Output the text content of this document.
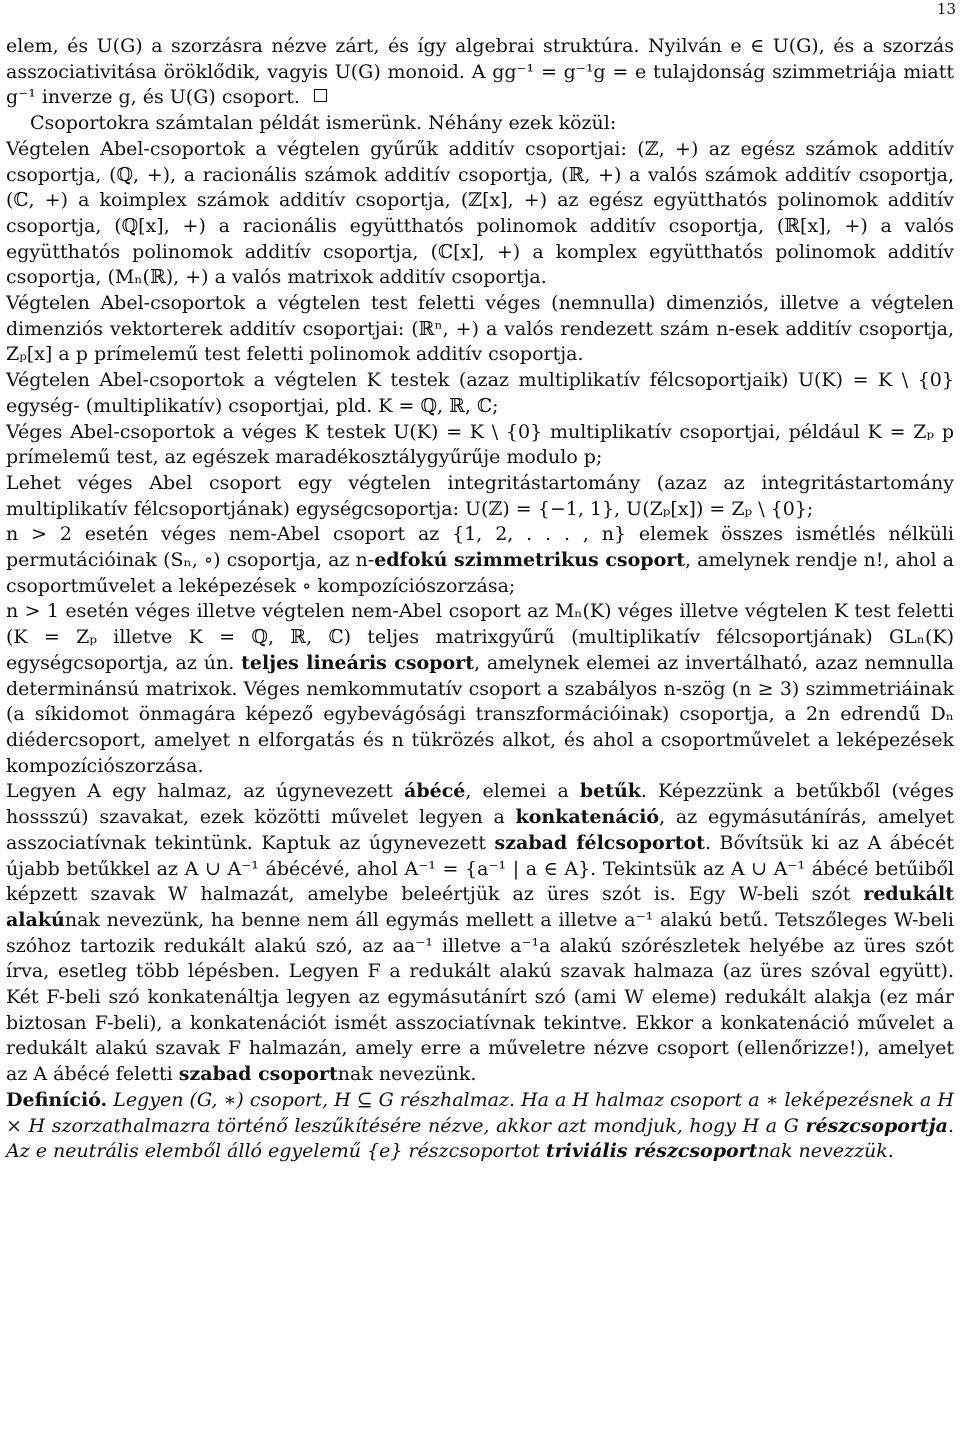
13

elem, és U(G) a szorzásra nézve zárt, és így algebrai struktúra. Nyilván e ∈ U(G), és a szorzás asszociativitása öröklődik, vagyis U(G) monoid. A gg⁻¹ = g⁻¹g = e tulajdonság szimmetriája miatt g⁻¹ inverze g, és U(G) csoport.

Csoportokra számtalan példát ismerünk. Néhány ezek közül:

Végtelen Abel-csoportok a végtelen gyűrűk additív csoportjai: (ℤ, +) az egész számok additív csoportja, (ℚ, +), a racionális számok additív csoportja, (ℝ, +) a valós számok additív csoportja, (ℂ, +) a koimplex számok additív csoportja, (ℤ[x], +) az egész együtthatós polinomok additív csoportja, (ℚ[x], +) a racionális együtthatós polinomok additív csoportja, (ℝ[x], +) a valós együtthatós polinomok additív csoportja, (ℂ[x], +) a komplex együtthatós polinomok additív csoportja, (Mₙ(ℝ), +) a valós matrixok additív csoportja.

Végtelen Abel-csoportok a végtelen test feletti véges (nemnulla) dimenziós, illetve a végtelen dimenziós vektorterek additív csoportjai: (ℝⁿ, +) a valós rendezett szám n-esek additív csoportja, Zₚ[x] a p prímelemű test feletti polinomok additív csoportja.

Végtelen Abel-csoportok a végtelen K testek (azaz multiplikatív félcsoportjaik) U(K) = K \ {0} egység- (multiplikatív) csoportjai, pld. K = ℚ, ℝ, ℂ;

Véges Abel-csoportok a véges K testek U(K) = K \ {0} multiplikatív csoportjai, például K = Zₚ p prímelemű test, az egészek maradékosztálygyűrűje modulo p;

Lehet véges Abel csoport egy végtelen integritástartomány (azaz az integritástartomány multiplikatív félcsoportjának) egységcsoportja: U(ℤ) = {−1, 1}, U(Zₚ[x]) = Zₚ \ {0};

n > 2 esetén véges nem-Abel csoport az {1, 2, . . . , n} elemek összes ismétlés nélküli permutációinak (Sₙ, ∘) csoportja, az n-edfokú szimmetrikus csoport, amelynek rendje n!, ahol a csoportművelet a leképezések ∘ kompozíciószorzása;

n > 1 esetén véges illetve végtelen nem-Abel csoport az Mₙ(K) véges illetve végtelen K test feletti (K = Zₚ illetve K = ℚ, ℝ, ℂ) teljes matrixgyűrű (multiplikatív félcsoportjának) GLₙ(K) egységcsoportja, az ún. teljes lineáris csoport, amelynek elemei az invertálható, azaz nemnulla determinánsú matrixok. Véges nemkommutatív csoport a szabályos n-szög (n ≥ 3) szimmetriáinak (a síkidomot önmagára képező egybevágósági transzformációinak) csoportja, a 2n edrendű Dₙ diédercsoport, amelyet n elforgatás és n tükrözés alkot, és ahol a csoportművelet a leképezések kompozíciószorzása.

Legyen A egy halmaz, az úgynevezett ábécé, elemei a betűk. Képezzünk a betűkből (véges hossszú) szavakat, ezek közötti művelet legyen a konkatenáció, az egymásutánírás, amelyet asszociatívnak tekintünk. Kaptuk az úgynevezett szabad félcsoportot. Bővítsük ki az A ábécét újabb betűkkel az A ∪ A⁻¹ ábécévé, ahol A⁻¹ = {a⁻¹ | a ∈ A}. Tekintsük az A ∪ A⁻¹ ábécé betűiből képzett szavak W halmazát, amelybe beleértjük az üres szót is. Egy W-beli szót redukált alakúnak nevezünk, ha benne nem áll egymás mellett a illetve a⁻¹ alakú betű. Tetszőleges W-beli szóhoz tartozik redukált alakú szó, az aa⁻¹ illetve a⁻¹a alakú szórészletek helyébe az üres szót írva, esetleg több lépésben. Legyen F a redukált alakú szavak halmaza (az üres szóval együtt). Két F-beli szó konkatenáltja legyen az egymásutánírt szó (ami W eleme) redukált alakja (ez már biztosan F-beli), a konkatenációt ismét asszociatívnak tekintve. Ekkor a konkatenáció művelet a redukált alakú szavak F halmazán, amely erre a műveletre nézve csoport (ellenőrizze!), amelyet az A ábécé feletti szabad csoportnak nevezünk.

Definíció. Legyen (G, ∗) csoport, H ⊆ G részhalmaz. Ha a H halmaz csoport a ∗ leképezésnek a H × H szorzathalmazra történő leszűkítésére nézve, akkor azt mondjuk, hogy H a G részcsoportja. Az e neutrális elemből álló egyelemű {e} részcsoportot triviális részcsoportnak nevezzük.
